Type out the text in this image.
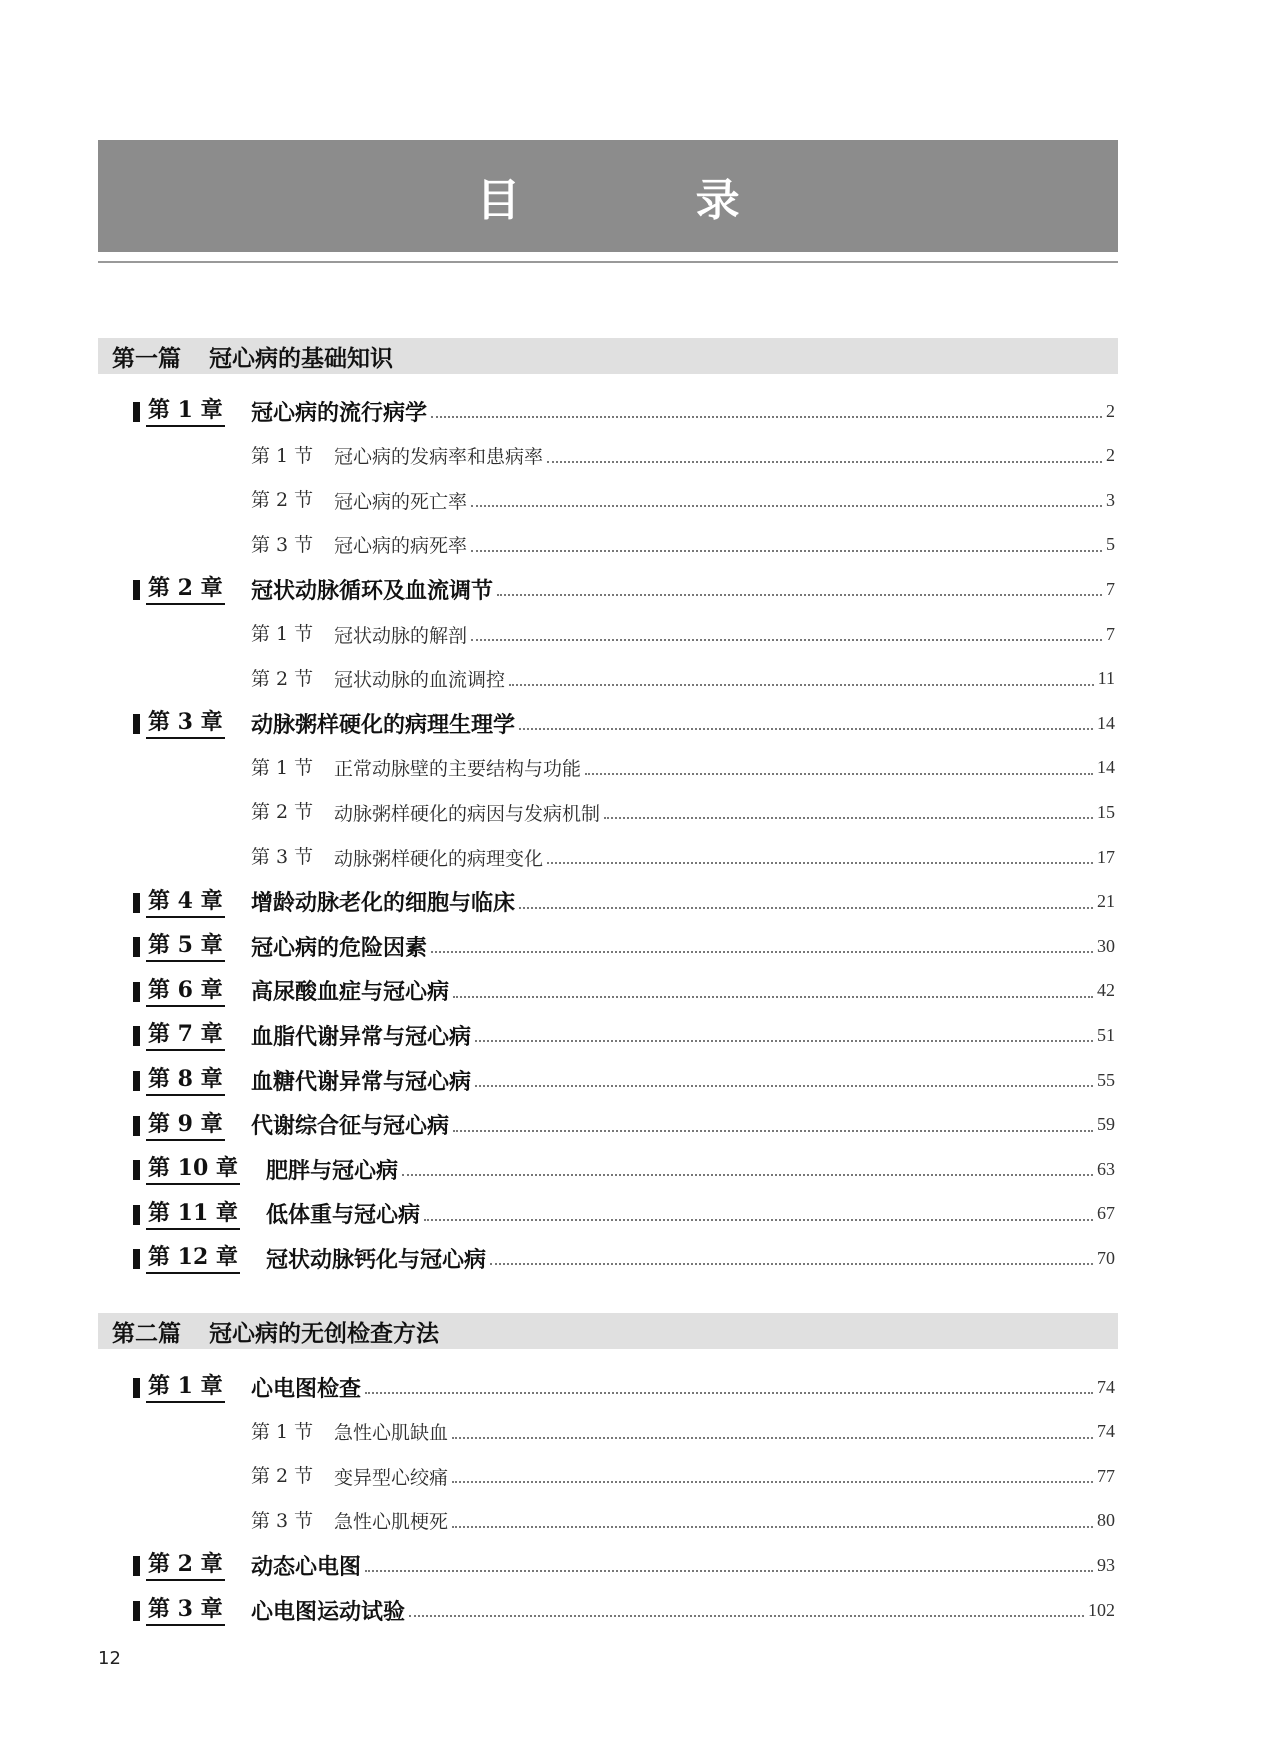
目 录
第一篇 冠心病的基础知识
第 1 章 冠心病的流行病学	2
第 1 节 冠心病的发病率和患病率	2
第 2 节 冠心病的死亡率	3
第 3 节 冠心病的病死率	5
第 2 章 冠状动脉循环及血流调节	7
第 1 节 冠状动脉的解剖	7
第 2 节 冠状动脉的血流调控	11
第 3 章 动脉粥样硬化的病理生理学	14
第 1 节 正常动脉壁的主要结构与功能	14
第 2 节 动脉粥样硬化的病因与发病机制	15
第 3 节 动脉粥样硬化的病理变化	17
第 4 章 增龄动脉老化的细胞与临床	21
第 5 章 冠心病的危险因素	30
第 6 章 高尿酸血症与冠心病	42
第 7 章 血脂代谢异常与冠心病	51
第 8 章 血糖代谢异常与冠心病	55
第 9 章 代谢综合征与冠心病	59
第 10 章 肥胖与冠心病	63
第 11 章 低体重与冠心病	67
第 12 章 冠状动脉钙化与冠心病	70
第二篇 冠心病的无创检查方法
第 1 章 心电图检查	74
第 1 节 急性心肌缺血	74
第 2 节 变异型心绞痛	77
第 3 节 急性心肌梗死	80
第 2 章 动态心电图	93
第 3 章 心电图运动试验	102
12
